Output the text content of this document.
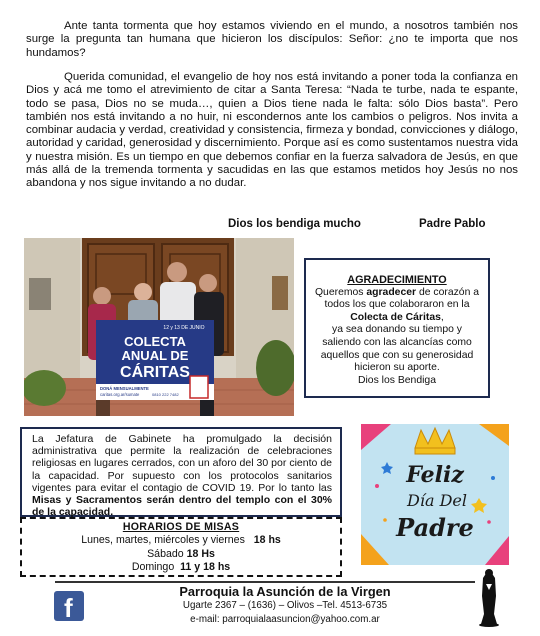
Ante tanta tormenta que hoy estamos viviendo en el mundo, a nosotros también nos surge la pregunta tan humana que hicieron los discípulos: Señor: ¿no te importa que nos hundamos?

Querida comunidad, el evangelio de hoy nos está invitando a poner toda la confianza en Dios y acá me tomo el atrevimiento de citar a Santa Teresa: “Nada te turbe, nada te espante, todo se pasa, Dios no se muda…, quien a Dios tiene nada le falta: sólo Dios basta”. Pero también nos está invitando a no huir, ni escondernos ante los cambios o peligros. Nos invita a combinar audacia y verdad, creatividad y consistencia, firmeza y bondad, convicciones y diálogo, autoridad y caridad, generosidad y discernimiento. Porque así es como sustentamos nuestra vida y nuestra misión. Es un tiempo en que debemos confiar en la fuerza salvadora de Jesús, en que más allá de la tremenda tormenta y sacudidas en las que estamos metidos hoy Jesús no nos abandona y nos sigue invitando a no dudar.

Dios los bendiga mucho	Padre Pablo
12 y 13 DE JUNIO
COLECTA
ANUAL DE
CÁRITAS
DONÁ MENSUALMENTE
caritas.org.ar/sumate	0810 222 7482
AGRADECIMIENTO
Queremos agradecer de corazón a
todos los que colaboraron en la
Colecta de Cáritas,
ya sea donando su tiempo y
saliendo con las alcancías como
aquellos que con su generosidad
hicieron su aporte.
Dios los Bendiga
La Jefatura de Gabinete ha promulgado la decisión administrativa que permite la realización de celebraciones religiosas en lugares cerrados, con un aforo del 30 por ciento de la capacidad. Por supuesto con los protocolos sanitarios vigentes para evitar el contagio de COVID 19. Por lo tanto las Misas y Sacramentos serán dentro del templo con el 30% de la capacidad.
HORARIOS DE MISAS
Lunes, martes, miércoles y viernes 18 hs
Sábado 18 Hs
Domingo 11 y 18 hs
Feliz
Día Del
Padre
f
Parroquia la Asunción de la Virgen
Ugarte 2367 – (1636) – Olivos –Tel. 4513-6735
e-mail: parroquialaasuncion@yahoo.com.ar
